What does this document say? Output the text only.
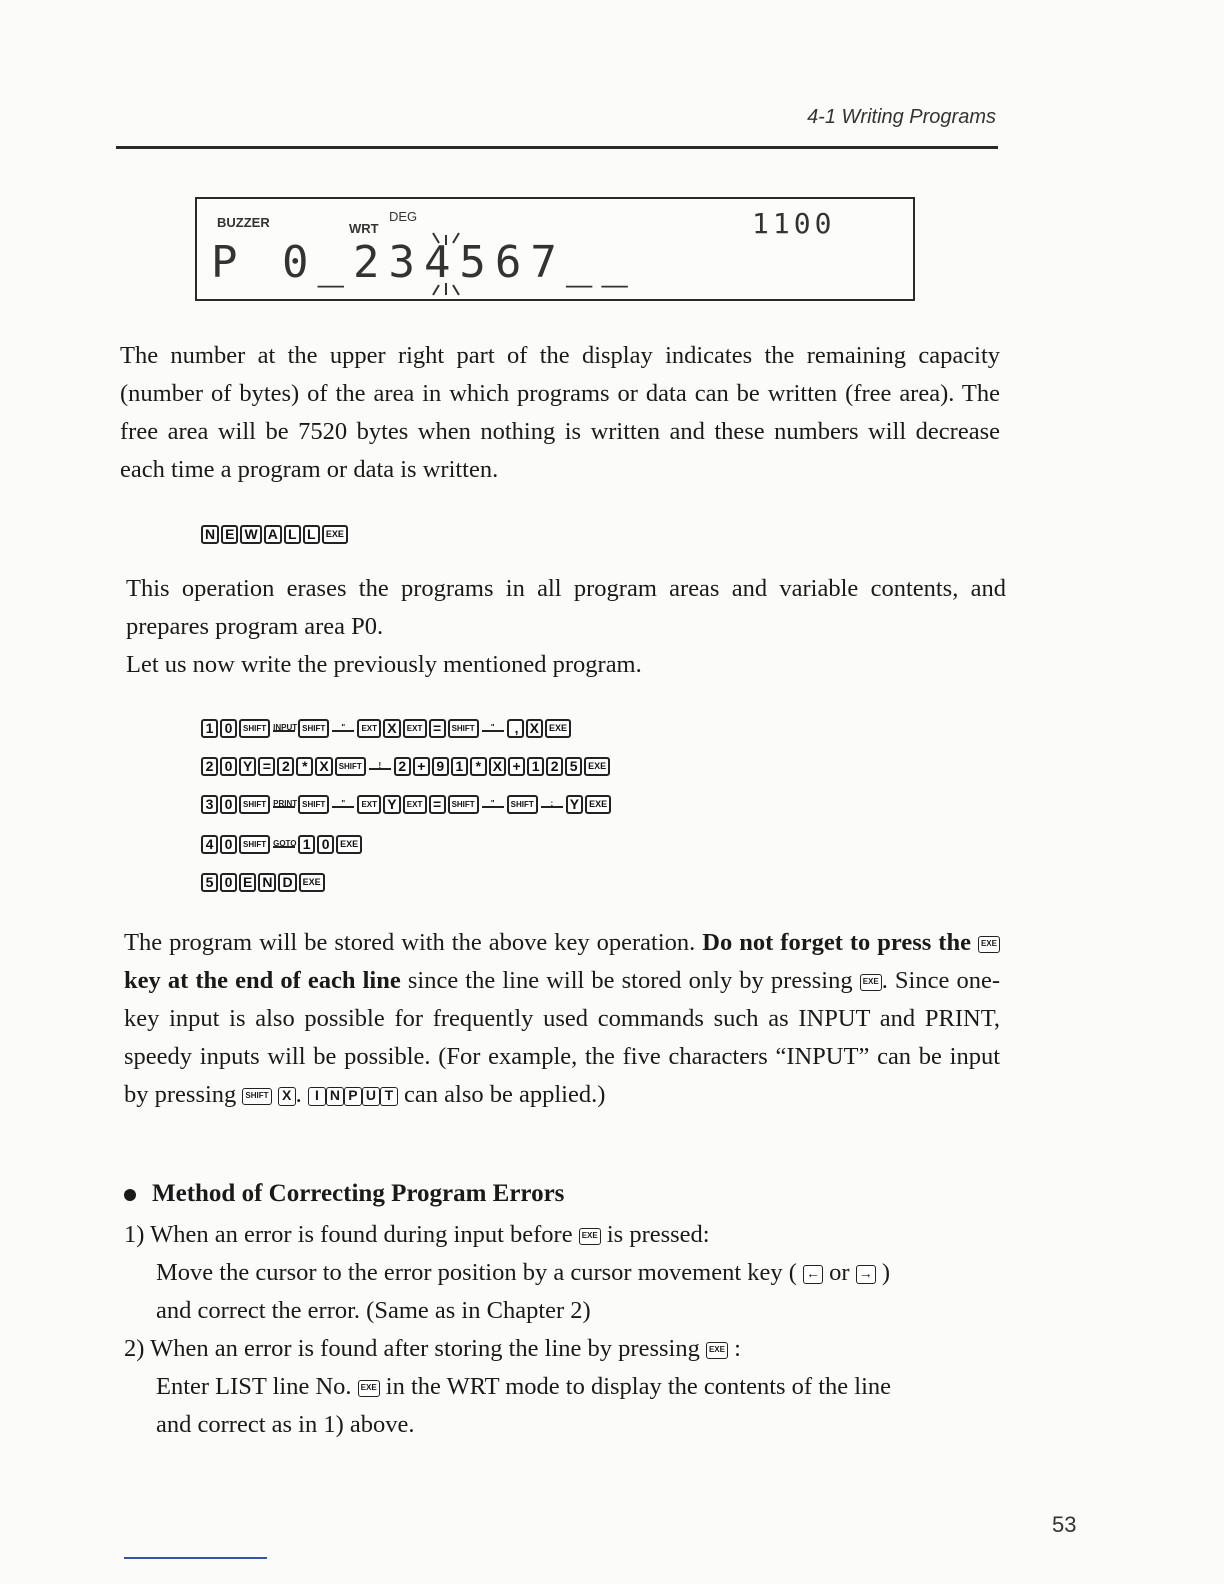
4-1 Writing Programs
BUZZER	WRT
DEG	1100
P 0_234567__

The number at the upper right part of the display indicates the remaining capacity (number of bytes) of the area in which programs or data can be written (free area). The free area will be 7520 bytes when nothing is written and these numbers will decrease each time a program or data is written.

N E W A L L	EXE

This operation erases the programs in all program areas and variable contents, and prepares program area P0.
Let us now write the previously mentioned program.

1 0	SHIFT INPUT SHIFT	"	EXT X	EXT =	SHIFT	"	 , X	EXE
2 0 Y = 2 * X	SHIFT	!	2 + 9 1 * X + 1 2 5	EXE
3 0	SHIFT PRINT SHIFT	"	EXT Y	EXT =	SHIFT	"	SHIFT	;	Y	EXE
4 0	SHIFT GOTO 1 0	EXE
5 0 E N D	EXE

The program will be stored with the above key operation. Do not forget to press the EXE key at the end of each line since the line will be stored only by pressing EXE . Since one-key input is also possible for frequently used commands such as INPUT and PRINT, speedy inputs will be possible. (For example, the five characters “INPUT” can be input by pressing SHIFT X . I N P U T can also be applied.)

Method of Correcting Program Errors
1) When an error is found during input before EXE is pressed:
Move the cursor to the error position by a cursor movement key ( ← or → )
and correct the error. (Same as in Chapter 2)
2) When an error is found after storing the line by pressing EXE :
Enter LIST line No. EXE in the WRT mode to display the contents of the line
and correct as in 1) above.
53
